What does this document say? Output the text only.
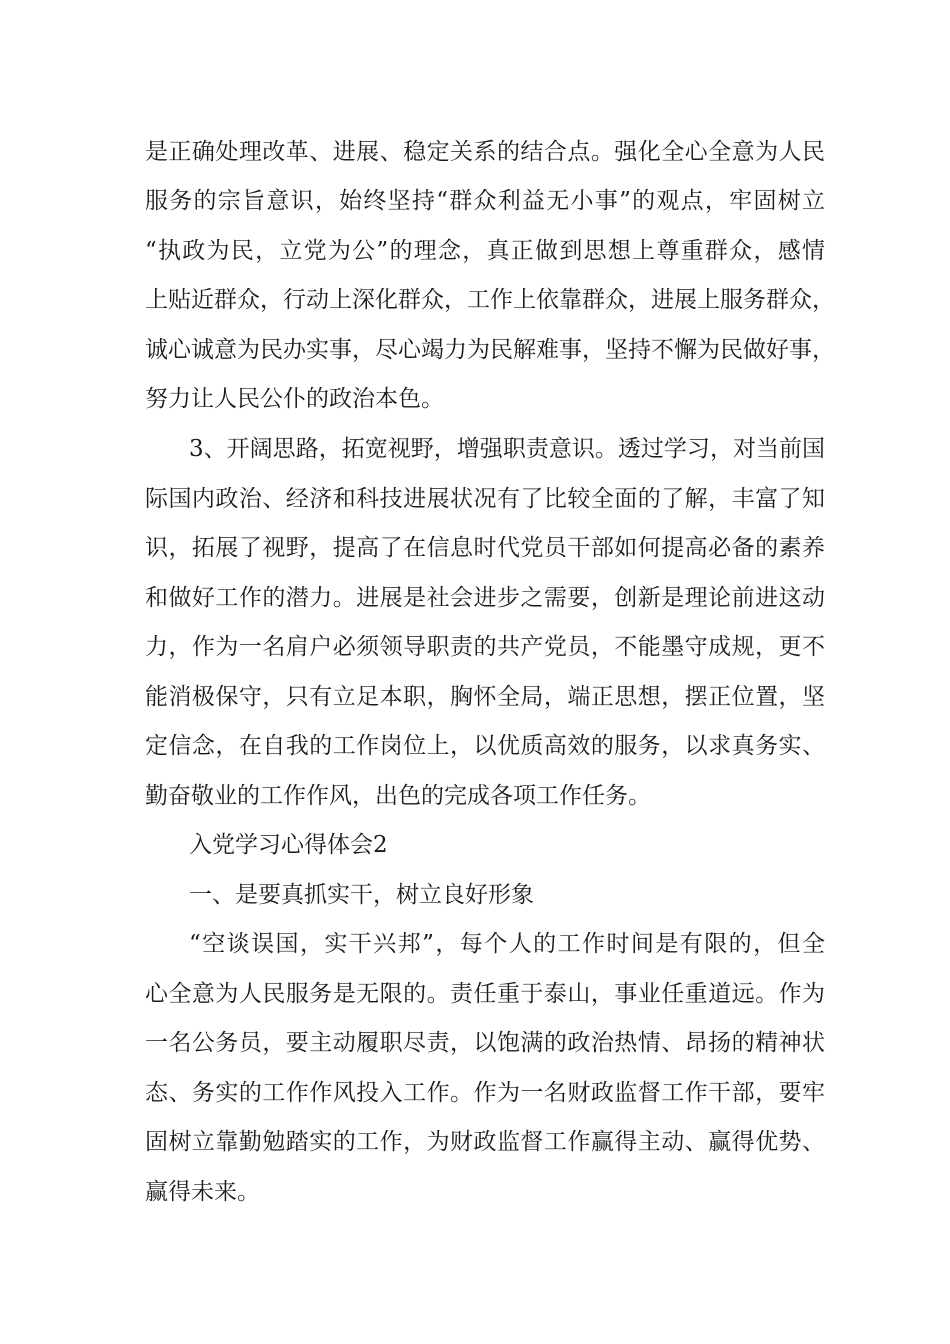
是正确处理改革、进展、稳定关系的结合点。强化全心全意为人民
服务的宗旨意识，始终坚持“群众利益无小事”的观点，牢固树立
“执政为民，立党为公”的理念，真正做到思想上尊重群众，感情
上贴近群众，行动上深化群众，工作上依靠群众，进展上服务群众，
诚心诚意为民办实事，尽心竭力为民解难事，坚持不懈为民做好事，
努力让人民公仆的政治本色。
3、开阔思路，拓宽视野，增强职责意识。透过学习，对当前国
际国内政治、经济和科技进展状况有了比较全面的了解，丰富了知
识，拓展了视野，提高了在信息时代党员干部如何提高必备的素养
和做好工作的潜力。进展是社会进步之需要，创新是理论前进这动
力，作为一名肩户必须领导职责的共产党员，不能墨守成规，更不
能消极保守，只有立足本职，胸怀全局，端正思想，摆正位置，坚
定信念，在自我的工作岗位上，以优质高效的服务，以求真务实、
勤奋敬业的工作作风，出色的完成各项工作任务。
入党学习心得体会2
一、是要真抓实干，树立良好形象
“空谈误国，实干兴邦”，每个人的工作时间是有限的，但全
心全意为人民服务是无限的。责任重于泰山，事业任重道远。作为
一名公务员，要主动履职尽责，以饱满的政治热情、昂扬的精神状
态、务实的工作作风投入工作。作为一名财政监督工作干部，要牢
固树立靠勤勉踏实的工作，为财政监督工作赢得主动、赢得优势、
赢得未来。
